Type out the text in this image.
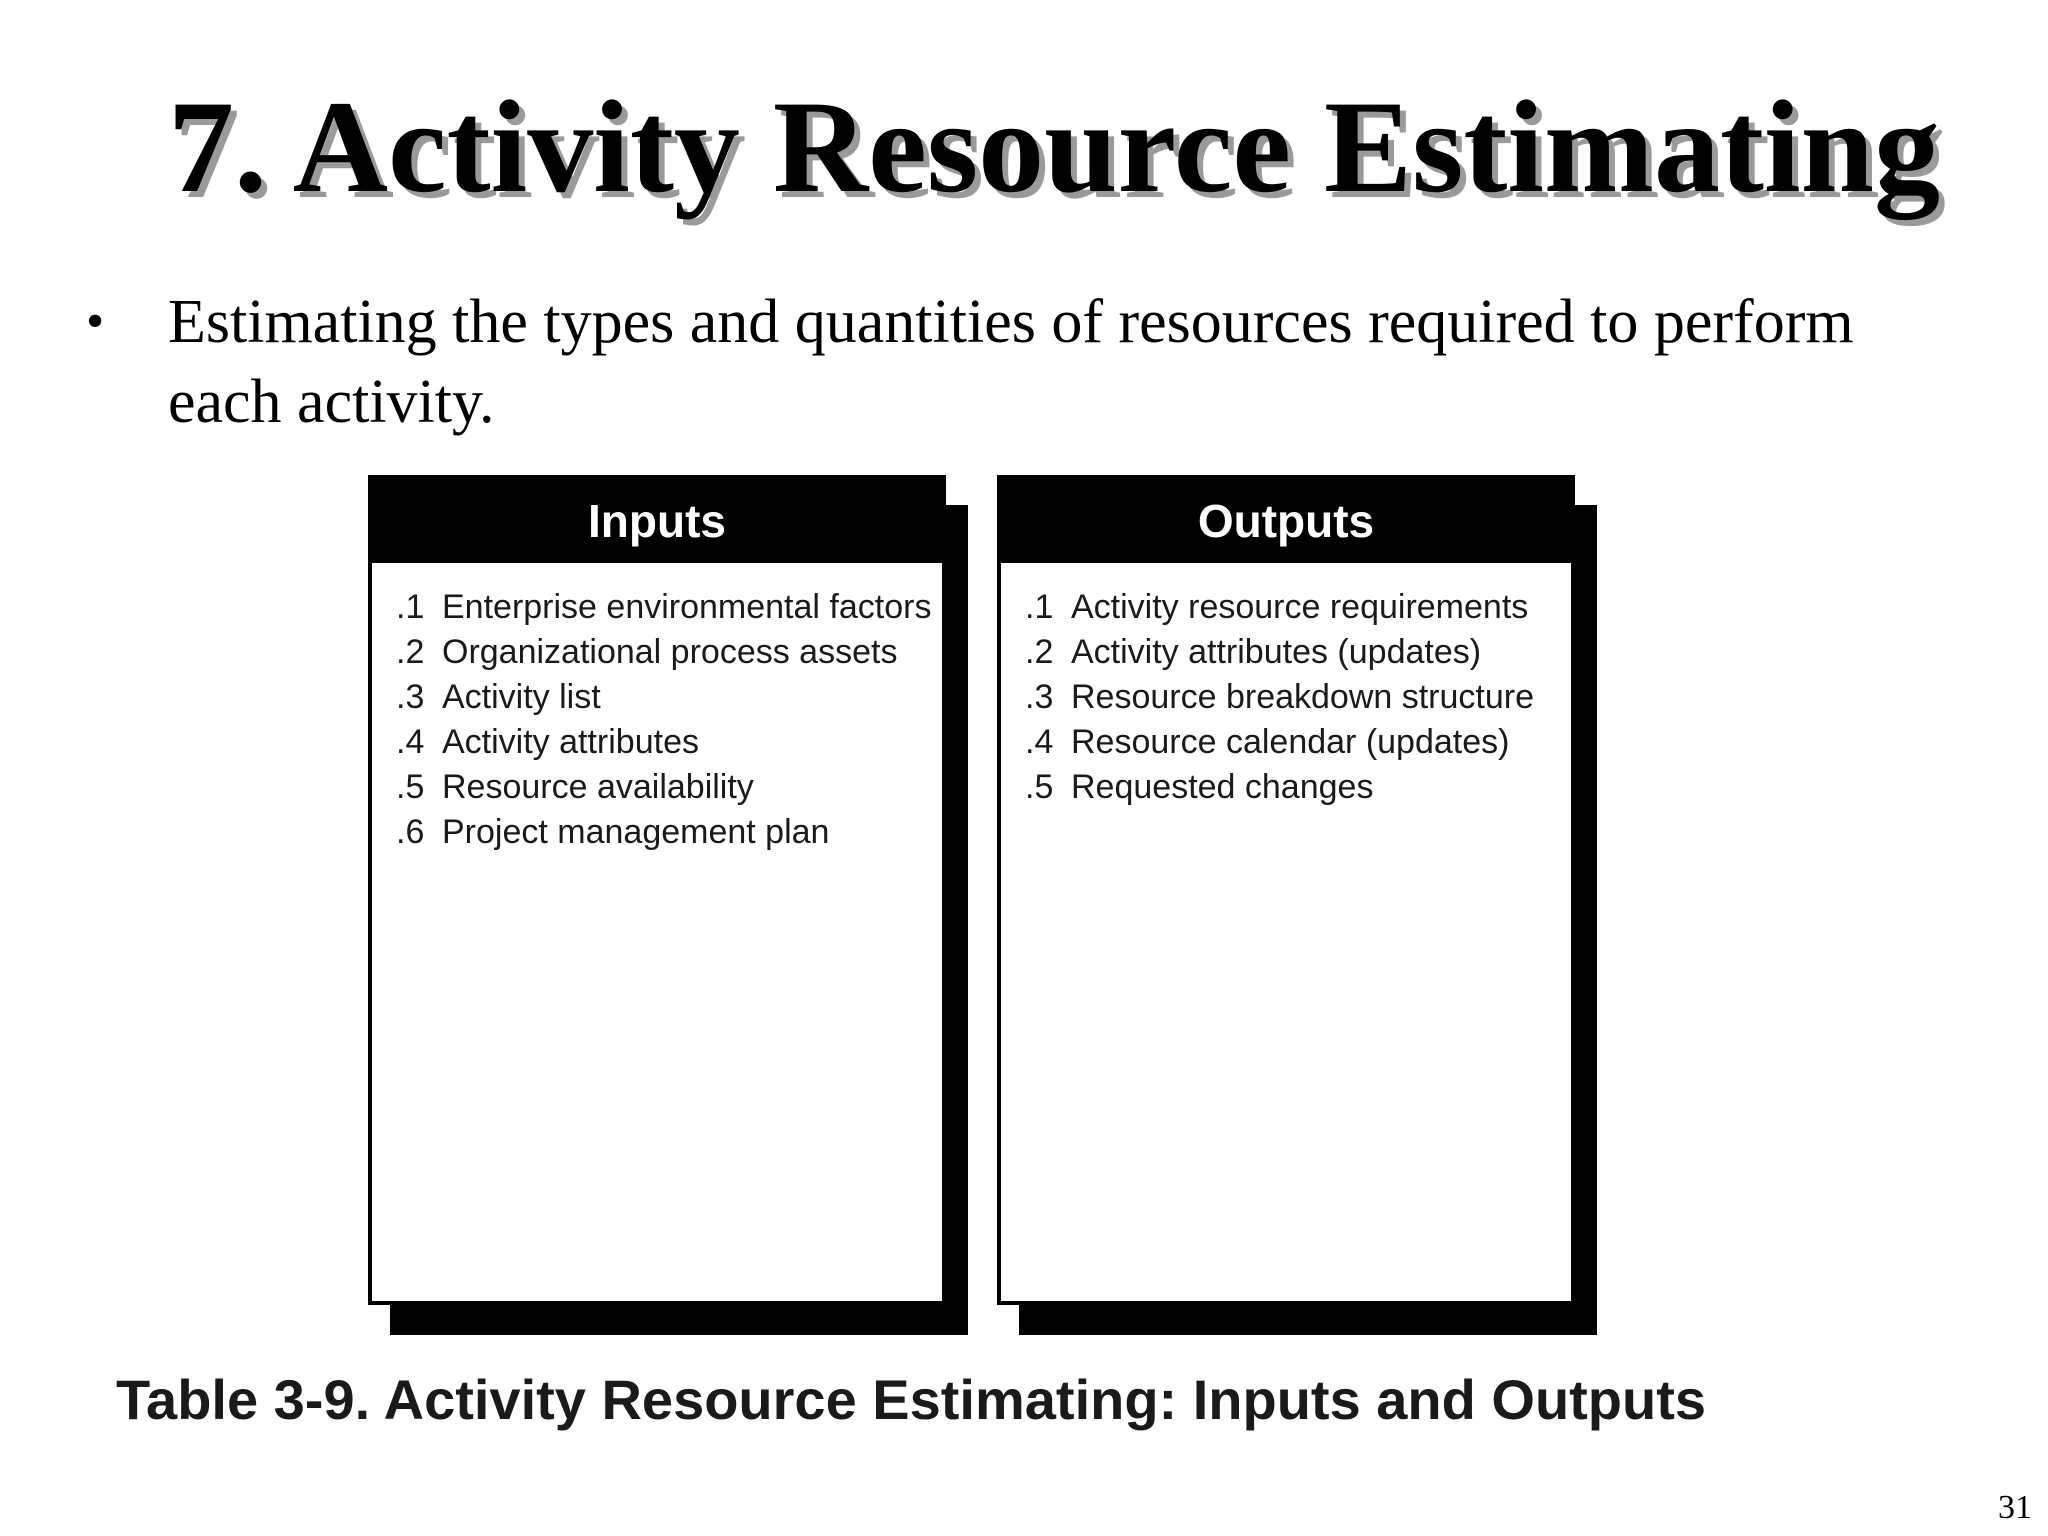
7. Activity Resource Estimating
• Estimating the types and quantities of resources required to perform each activity.
Inputs
.1 Enterprise environmental factors
.2 Organizational process assets
.3 Activity list
.4 Activity attributes
.5 Resource availability
.6 Project management plan
Outputs
.1 Activity resource requirements
.2 Activity attributes (updates)
.3 Resource breakdown structure
.4 Resource calendar (updates)
.5 Requested changes
Table 3-9. Activity Resource Estimating: Inputs and Outputs
31
